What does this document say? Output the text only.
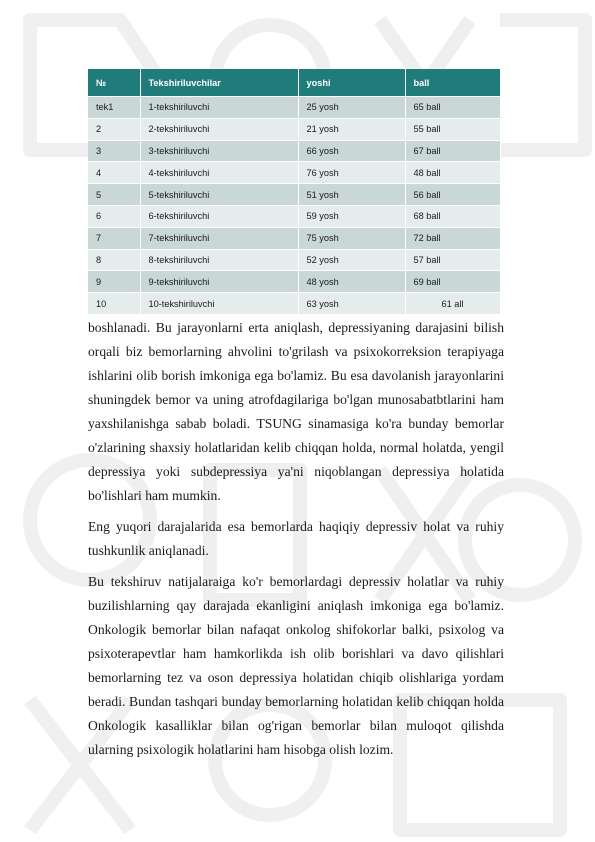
№	Tekshiriluvchilar	yoshi	ball
tek1	1-tekshiriluvchi	25 yosh	65 ball
2	2-tekshiriluvchi	21 yosh	55 ball
3	3-tekshiriluvchi	66 yosh	67 ball
4	4-tekshiriluvchi	76 yosh	48 ball
5	5-tekshiriluvchi	51 yosh	56 ball
6	6-tekshiriluvchi	59 yosh	68 ball
7	7-tekshiriluvchi	75 yosh	72 ball
8	8-tekshiriluvchi	52 yosh	57 ball
9	9-tekshiriluvchi	48 yosh	69 ball
10	10-tekshiriluvchi	63 yosh	61 all

boshlanadi. Bu jarayonlarni erta aniqlash, depressiyaning darajasini bilish orqali biz bemorlarning ahvolini to'grilash va psixokorreksion terapiyaga ishlarini olib borish imkoniga ega bo'lamiz. Bu esa davolanish jarayonlarini shuningdek bemor va uning atrofdagilariga bo'lgan munosabatbtlarini ham yaxshilanishga sabab boladi. TSUNG sinamasiga ko'ra bunday bemorlar o'zlarining shaxsiy holatlaridan kelib chiqqan holda, normal holatda, yengil depressiya yoki subdepressiya ya'ni niqoblangan depressiya holatida bo'lishlari ham mumkin.

Eng yuqori darajalarida esa bemorlarda haqiqiy depressiv holat va ruhiy tushkunlik aniqlanadi.

Bu tekshiruv natijalaraiga ko'r bemorlardagi depressiv holatlar va ruhiy buzilishlarning qay darajada ekanligini aniqlash imkoniga ega bo'lamiz. Onkologik bemorlar bilan nafaqat onkolog shifokorlar balki, psixolog va psixoterapevtlar ham hamkorlikda ish olib borishlari va davo qilishlari bemorlarning tez va oson depressiya holatidan chiqib olishlariga yordam beradi. Bundan tashqari bunday bemorlarning holatidan kelib chiqqan holda Onkologik kasalliklar bilan og'rigan bemorlar bilan muloqot qilishda ularning psixologik holatlarini ham hisobga olish lozim.
